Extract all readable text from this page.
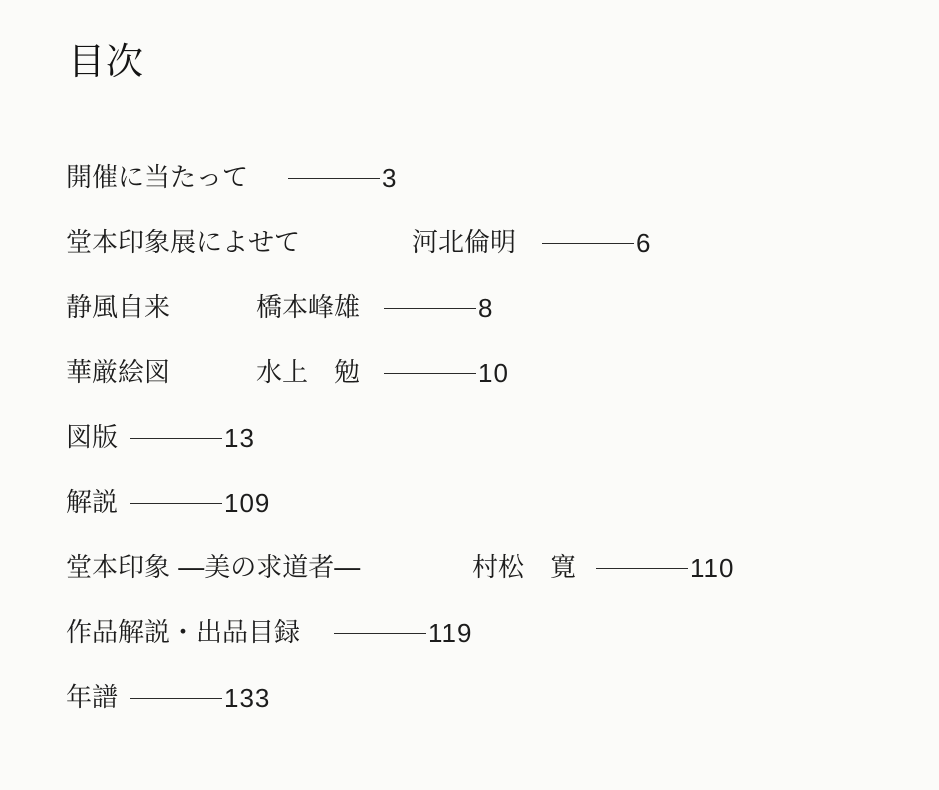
目次
開催に当たって	3
堂本印象展によせて	河北倫明	6
静風自来	橋本峰雄	8
華厳絵図	水上　勉	10
図版	13
解説	109
堂本印象 ―美の求道者―	村松　寛	110
作品解説・出品目録	119
年譜	133
